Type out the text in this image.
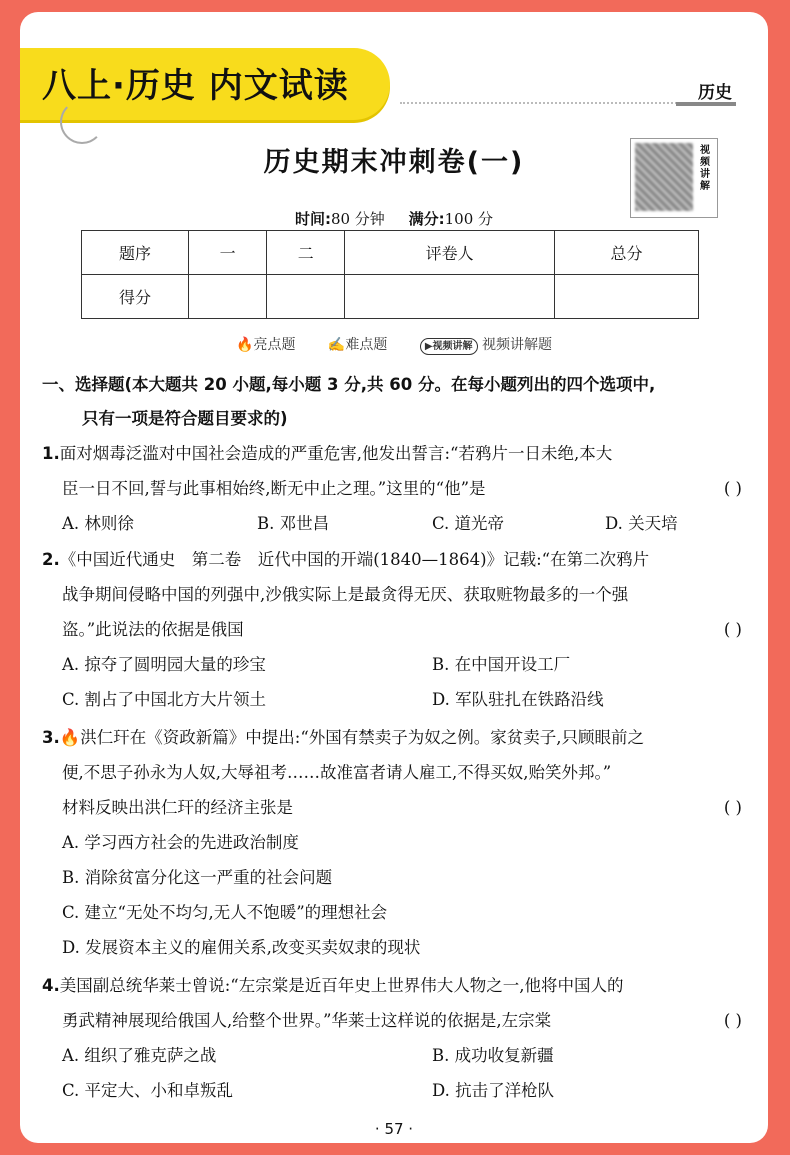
八上·历史 内文试读	历史
历史期末冲刺卷(一)	视频讲解
时间:80 分钟 满分:100 分
题序	一	二	评卷人	总分
得分				
🔥亮点题 ✍难点题	▶视频讲解 视频讲解题
一、选择题(本大题共 20 小题,每小题 3 分,共 60 分。在每小题列出的四个选项中,
只有一项是符合题目要求的)
1.面对烟毒泛滥对中国社会造成的严重危害,他发出誓言:“若鸦片一日未绝,本大
臣一日不回,誓与此事相始终,断无中止之理。”这里的“他”是	( )
A. 林则徐	B. 邓世昌	C. 道光帝	D. 关天培
2.《中国近代通史　第二卷　近代中国的开端(1840—1864)》记载:“在第二次鸦片
战争期间侵略中国的列强中,沙俄实际上是最贪得无厌、获取赃物最多的一个强
盗。”此说法的依据是俄国	( )
A. 掠夺了圆明园大量的珍宝	B. 在中国开设工厂
C. 割占了中国北方大片领土	D. 军队驻扎在铁路沿线
3.🔥洪仁玕在《资政新篇》中提出:“外国有禁卖子为奴之例。家贫卖子,只顾眼前之
便,不思子孙永为人奴,大辱祖考……故准富者请人雇工,不得买奴,贻笑外邦。”
材料反映出洪仁玕的经济主张是	( )
A. 学习西方社会的先进政治制度
B. 消除贫富分化这一严重的社会问题
C. 建立“无处不均匀,无人不饱暖”的理想社会
D. 发展资本主义的雇佣关系,改变买卖奴隶的现状
4.美国副总统华莱士曾说:“左宗棠是近百年史上世界伟大人物之一,他将中国人的
勇武精神展现给俄国人,给整个世界。”华莱士这样说的依据是,左宗棠	( )
A. 组织了雅克萨之战	B. 成功收复新疆
C. 平定大、小和卓叛乱	D. 抗击了洋枪队
· 57 ·
